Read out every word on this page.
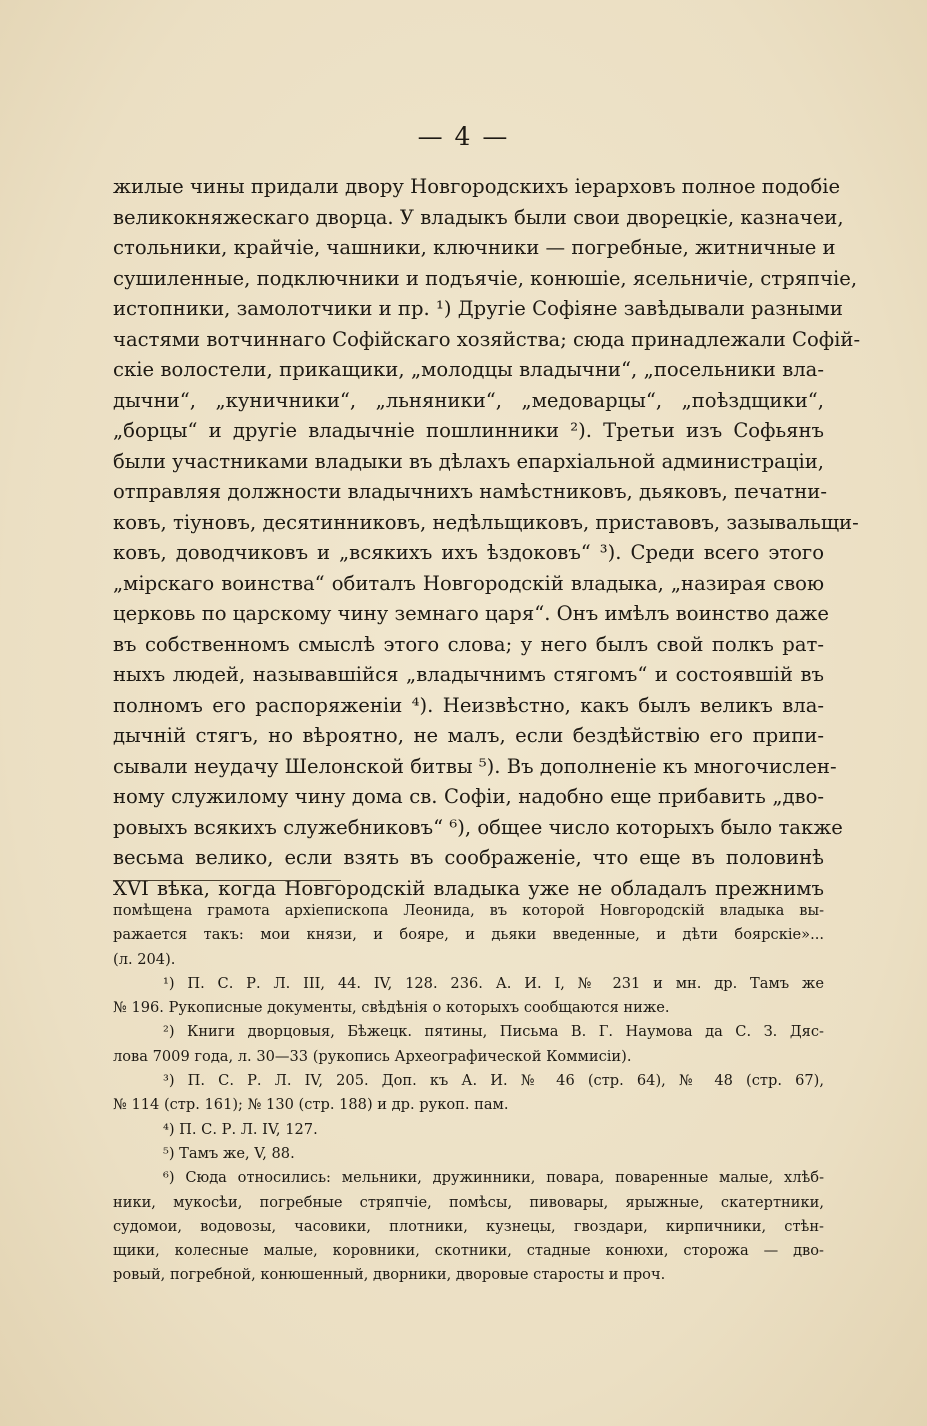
— 4 —
жилые чины придали двору Новгородскихъ іерарховъ полное подобіе
великокняжескаго дворца. У владыкъ были свои дворецкіе, казначеи,
стольники, крайчіе, чашники, ключники — погребные, житничные и
сушиленные, подключники и подъячіе, конюшіе, ясельничіе, стряпчіе,
истопники, замолотчики и пр. ¹) Другіе Софіяне завѣдывали разными
частями вотчиннаго Софійскаго хозяйства; сюда принадлежали Софій-
скіе волостели, прикащики, „молодцы владычни“, „посельники вла-
дычни“, „куничники“, „льняники“, „медоварцы“, „поѣздщики“,
„борцы“ и другіе владычніе пошлинники ²). Третьи изъ Софьянъ
были участниками владыки въ дѣлахъ епархіальной администраціи,
отправляя должности владычнихъ намѣстниковъ, дьяковъ, печатни-
ковъ, тіуновъ, десятинниковъ, недѣльщиковъ, приставовъ, зазывальщи-
ковъ, доводчиковъ и „всякихъ ихъ ѣздоковъ“ ³). Среди всего этого
„мірскаго воинства“ обиталъ Новгородскій владыка, „назирая свою
церковь по царскому чину земнаго царя“. Онъ имѣлъ воинство даже
въ собственномъ смыслѣ этого слова; у него былъ свой полкъ рат-
ныхъ людей, называвшійся „владычнимъ стягомъ“ и состоявшій въ
полномъ его распоряженіи ⁴). Неизвѣстно, какъ былъ великъ вла-
дычній стягъ, но вѣроятно, не малъ, если бездѣйствію его припи-
сывали неудачу Шелонской битвы ⁵). Въ дополненіе къ многочислен-
ному служилому чину дома св. Софіи, надобно еще прибавить „дво-
ровыхъ всякихъ служебниковъ“ ⁶), общее число которыхъ было также
весьма велико, если взять въ соображеніе, что еще въ половинѣ
XVI вѣка, когда Новгородскій владыка уже не обладалъ прежнимъ
помѣщена грамота архіепископа Леонида, въ которой Новгородскій владыка вы-
ражается такъ: мои князи, и бояре, и дьяки введенные, и дѣти боярскіе»...
(л. 204).
¹) П. С. Р. Л. III, 44. IV, 128. 236. А. И. I, № 231 и мн. др. Тамъ же
№ 196. Рукописные документы, свѣдѣнія о которыхъ сообщаются ниже.
²) Книги дворцовыя, Бѣжецк. пятины, Письма В. Г. Наумова да С. З. Дяс-
лова 7009 года, л. 30—33 (рукопись Археографической Коммисіи).
³) П. С. Р. Л. IV, 205. Доп. къ А. И. № 46 (стр. 64), № 48 (стр. 67),
№ 114 (стр. 161); № 130 (стр. 188) и др. рукоп. пам.
⁴) П. С. Р. Л. IV, 127.
⁵) Тамъ же, V, 88.
⁶) Сюда относились: мельники, дружинники, повара, поваренные малые, хлѣб-
ники, мукосѣи, погребные стряпчіе, помѣсы, пивовары, ярыжные, скатертники,
судомои, водовозы, часовики, плотники, кузнецы, гвоздари, кирпичники, стѣн-
щики, колесные малые, коровники, скотники, стадные конюхи, сторожа — дво-
ровый, погребной, конюшенный, дворники, дворовые старосты и проч.
